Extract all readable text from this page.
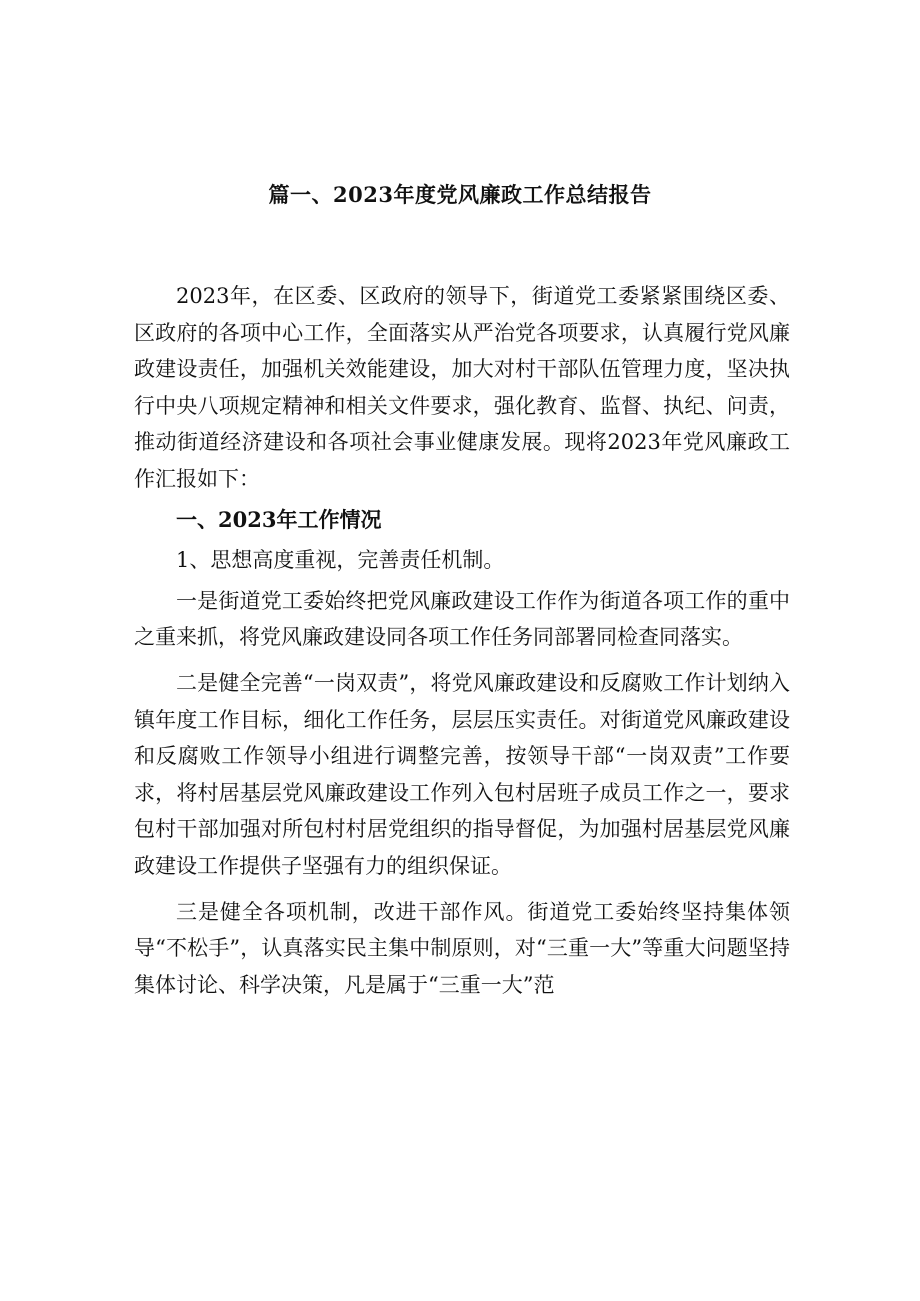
篇一、2023年度党风廉政工作总结报告

2023年，在区委、区政府的领导下，街道党工委紧紧围绕区委、区政府的各项中心工作，全面落实从严治党各项要求，认真履行党风廉政建设责任，加强机关效能建设，加大对村干部队伍管理力度，坚决执行中央八项规定精神和相关文件要求，强化教育、监督、执纪、问责，推动街道经济建设和各项社会事业健康发展。现将2023年党风廉政工作汇报如下：

一、2023年工作情况

1、思想高度重视，完善责任机制。

一是街道党工委始终把党风廉政建设工作作为街道各项工作的重中之重来抓，将党风廉政建设同各项工作任务同部署同检查同落实。

二是健全完善“一岗双责”，将党风廉政建设和反腐败工作计划纳入镇年度工作目标，细化工作任务，层层压实责任。对街道党风廉政建设和反腐败工作领导小组进行调整完善，按领导干部“一岗双责”工作要求，将村居基层党风廉政建设工作列入包村居班子成员工作之一，要求包村干部加强对所包村村居党组织的指导督促，为加强村居基层党风廉政建设工作提供子坚强有力的组织保证。

三是健全各项机制，改进干部作风。街道党工委始终坚持集体领导“不松手”，认真落实民主集中制原则，对“三重一大”等重大问题坚持集体讨论、科学决策，凡是属于“三重一大”范
